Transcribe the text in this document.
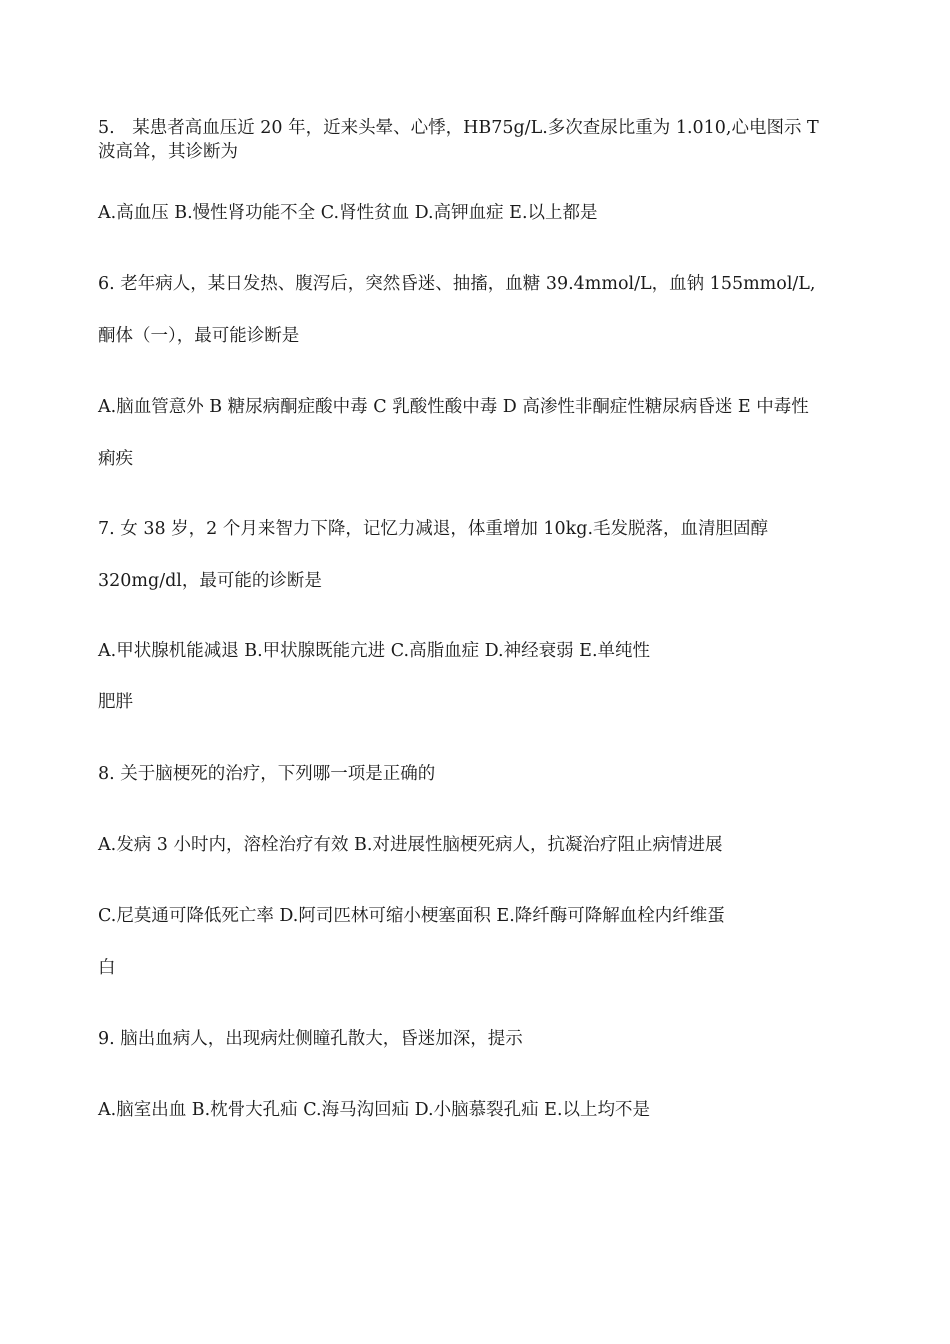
5.　某患者高血压近 20 年，近来头晕、心悸，HB75g/L.多次查尿比重为 1.010,心电图示 T
波高耸，其诊断为
A.高血压 B.慢性肾功能不全 C.肾性贫血 D.高钾血症 E.以上都是
6. 老年病人，某日发热、腹泻后，突然昏迷、抽搐，血糖 39.4mmol/L，血钠 155mmol/L,
酮体（一），最可能诊断是
A.脑血管意外 B 糖尿病酮症酸中毒 C 乳酸性酸中毒 D 高渗性非酮症性糖尿病昏迷 E 中毒性
痢疾
7. 女 38 岁，2 个月来智力下降，记忆力减退，体重增加 10kg.毛发脱落，血清胆固醇
320mg/dl，最可能的诊断是
A.甲状腺机能减退 B.甲状腺既能亢进 C.高脂血症 D.神经衰弱 E.单纯性
肥胖
8. 关于脑梗死的治疗，下列哪一项是正确的
A.发病 3 小时内，溶栓治疗有效 B.对进展性脑梗死病人，抗凝治疗阻止病情进展
C.尼莫通可降低死亡率 D.阿司匹林可缩小梗塞面积 E.降纤酶可降解血栓内纤维蛋
白
9. 脑出血病人，出现病灶侧瞳孔散大，昏迷加深，提示
A.脑室出血 B.枕骨大孔疝 C.海马沟回疝 D.小脑慕裂孔疝 E.以上均不是
